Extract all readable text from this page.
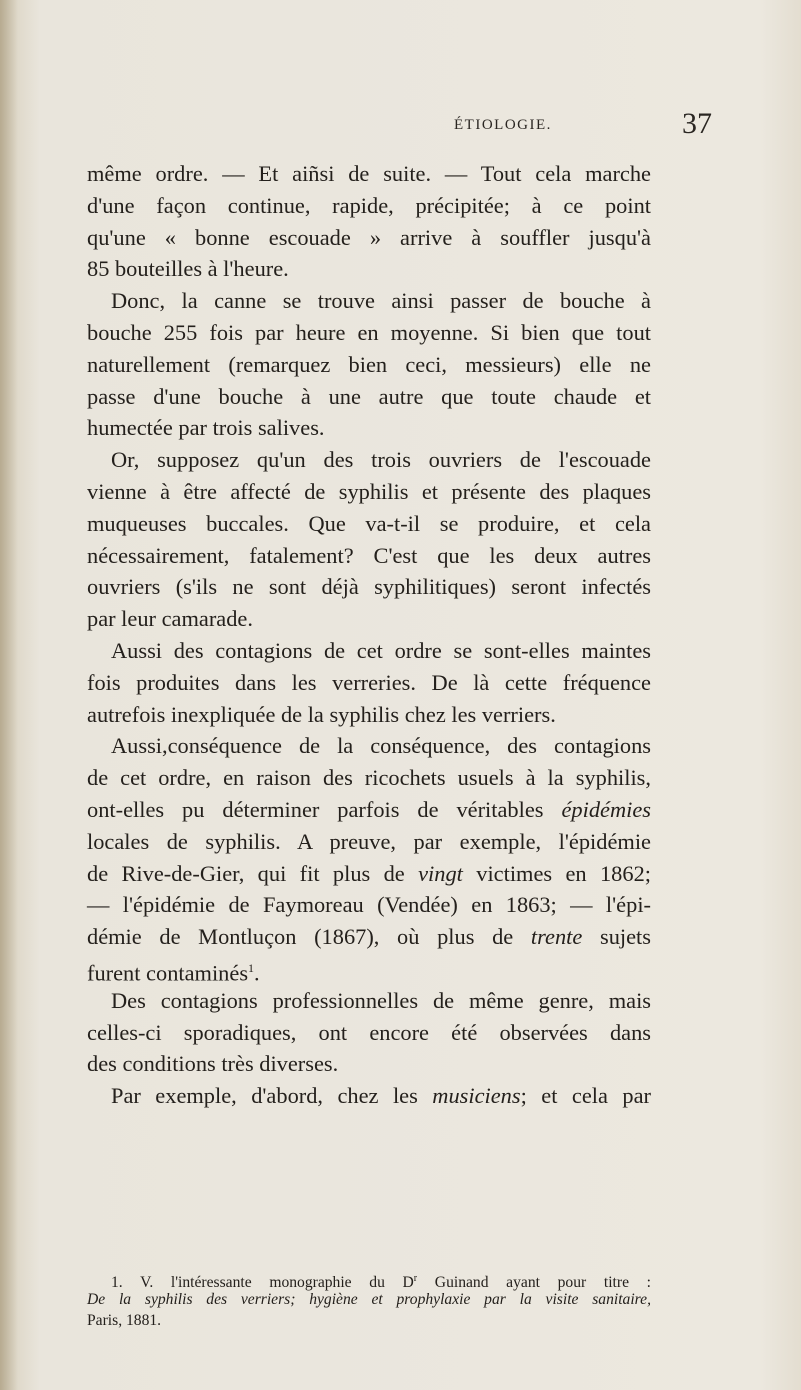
ÉTIOLOGIE.	37
même ordre. — Et aiñsi de suite. — Tout cela marche
d'une façon continue, rapide, précipitée; à ce point
qu'une « bonne escouade » arrive à souffler jusqu'à
85 bouteilles à l'heure.
Donc, la canne se trouve ainsi passer de bouche à
bouche 255 fois par heure en moyenne. Si bien que tout
naturellement (remarquez bien ceci, messieurs) elle ne
passe d'une bouche à une autre que toute chaude et
humectée par trois salives.
Or, supposez qu'un des trois ouvriers de l'escouade
vienne à être affecté de syphilis et présente des plaques
muqueuses buccales. Que va-t-il se produire, et cela
nécessairement, fatalement? C'est que les deux autres
ouvriers (s'ils ne sont déjà syphilitiques) seront infectés
par leur camarade.
Aussi des contagions de cet ordre se sont-elles maintes
fois produites dans les verreries. De là cette fréquence
autrefois inexpliquée de la syphilis chez les verriers.
Aussi,conséquence de la conséquence, des contagions
de cet ordre, en raison des ricochets usuels à la syphilis,
ont-elles pu déterminer parfois de véritables épidémies
locales de syphilis. A preuve, par exemple, l'épidémie
de Rive-de-Gier, qui fit plus de vingt victimes en 1862;
— l'épidémie de Faymoreau (Vendée) en 1863; — l'épi-
démie de Montluçon (1867), où plus de trente sujets
furent contaminés$^1$.
Des contagions professionnelles de même genre, mais
celles-ci sporadiques, ont encore été observées dans
des conditions très diverses.
Par exemple, d'abord, chez les musiciens; et cela par
1. V. l'intéressante monographie du $D^r$ Guinand ayant pour titre :
De la syphilis des verriers; hygiène et prophylaxie par la visite sanitaire,
Paris, 1881.
